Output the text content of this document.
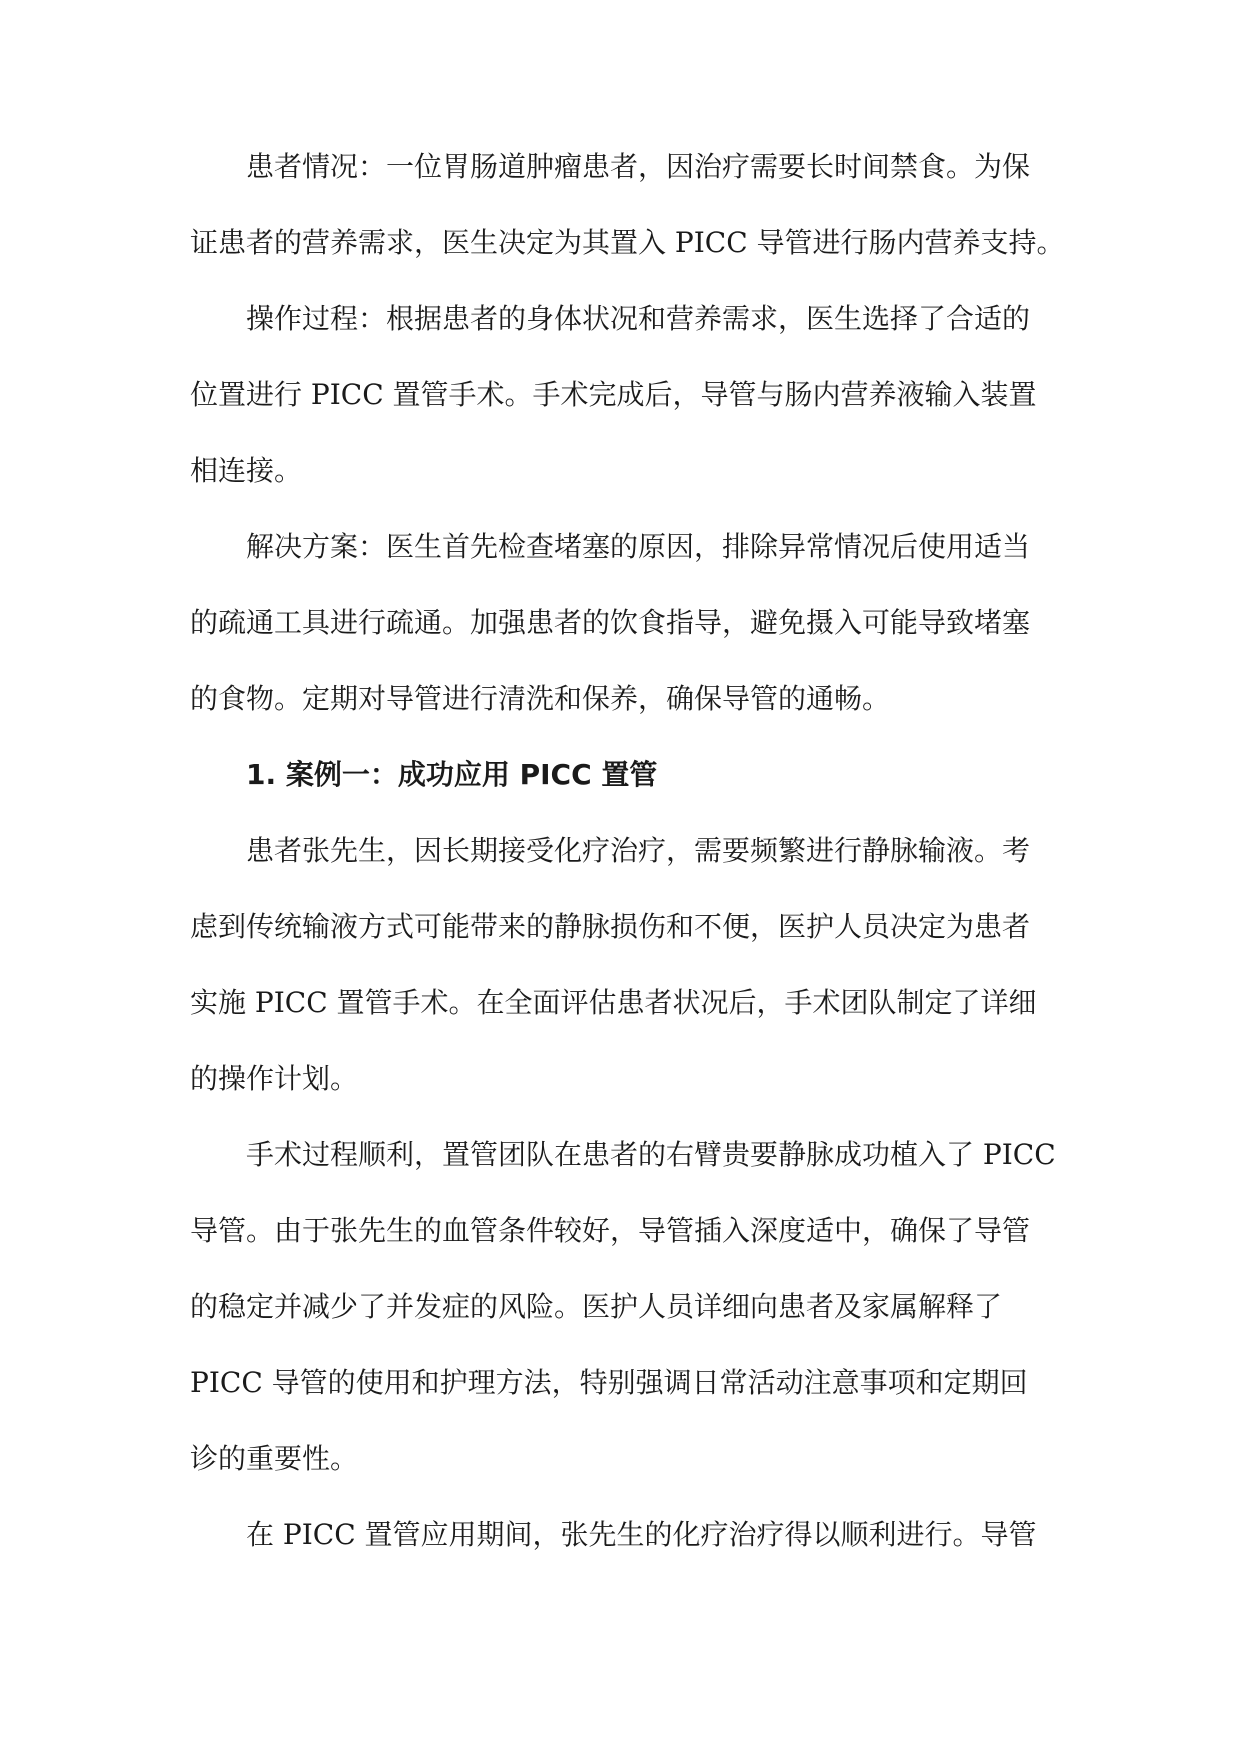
患者情况：一位胃肠道肿瘤患者，因治疗需要长时间禁食。为保
证患者的营养需求，医生决定为其置入 PICC 导管进行肠内营养支持。
操作过程：根据患者的身体状况和营养需求，医生选择了合适的
位置进行 PICC 置管手术。手术完成后，导管与肠内营养液输入装置
相连接。
解决方案：医生首先检查堵塞的原因，排除异常情况后使用适当
的疏通工具进行疏通。加强患者的饮食指导，避免摄入可能导致堵塞
的食物。定期对导管进行清洗和保养，确保导管的通畅。
1. 案例一：成功应用 PICC 置管
患者张先生，因长期接受化疗治疗，需要频繁进行静脉输液。考
虑到传统输液方式可能带来的静脉损伤和不便，医护人员决定为患者
实施 PICC 置管手术。在全面评估患者状况后，手术团队制定了详细
的操作计划。
手术过程顺利，置管团队在患者的右臂贵要静脉成功植入了 PICC
导管。由于张先生的血管条件较好，导管插入深度适中，确保了导管
的稳定并减少了并发症的风险。医护人员详细向患者及家属解释了
PICC 导管的使用和护理方法，特别强调日常活动注意事项和定期回
诊的重要性。
在 PICC 置管应用期间，张先生的化疗治疗得以顺利进行。导管
